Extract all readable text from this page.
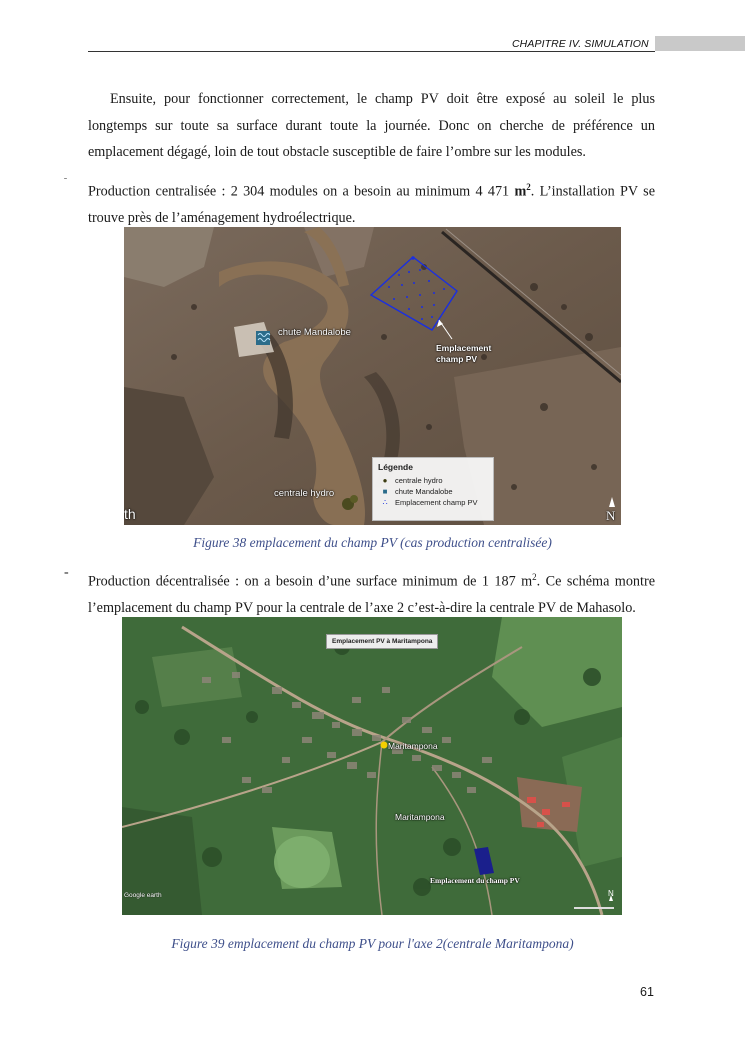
CHAPITRE IV. SIMULATION

Ensuite, pour fonctionner correctement, le champ PV doit être exposé au soleil le plus longtemps sur toute sa surface durant toute la journée. Donc on cherche de préférence un emplacement dégagé, loin de tout obstacle susceptible de faire l’ombre sur les modules.

ˉ

Production centralisée : 2 304 modules on a besoin au minimum 4 471 $m^2$. L’installation PV se trouve près de l’aménagement hydroélectrique.

chute Mandalobe
centrale hydro
Emplacement champ PV
th	N
Légende
●	centrale hydro
■	chute Mandalobe
∴ Emplacement champ PV
Figure 38 emplacement du champ PV (cas production centralisée)
-

Production décentralisée : on a besoin d’une surface minimum de 1 187 $m^2$. Ce schéma montre l’emplacement du champ PV pour la centrale de l’axe 2 c’est-à-dire la centrale PV de Mahasolo.

Emplacement PV à Maritampona
Maritampona
Maritampona
Emplacement du champ PV
Google earth	N
Figure 39 emplacement du champ PV pour l'axe 2(centrale Maritampona)
61
